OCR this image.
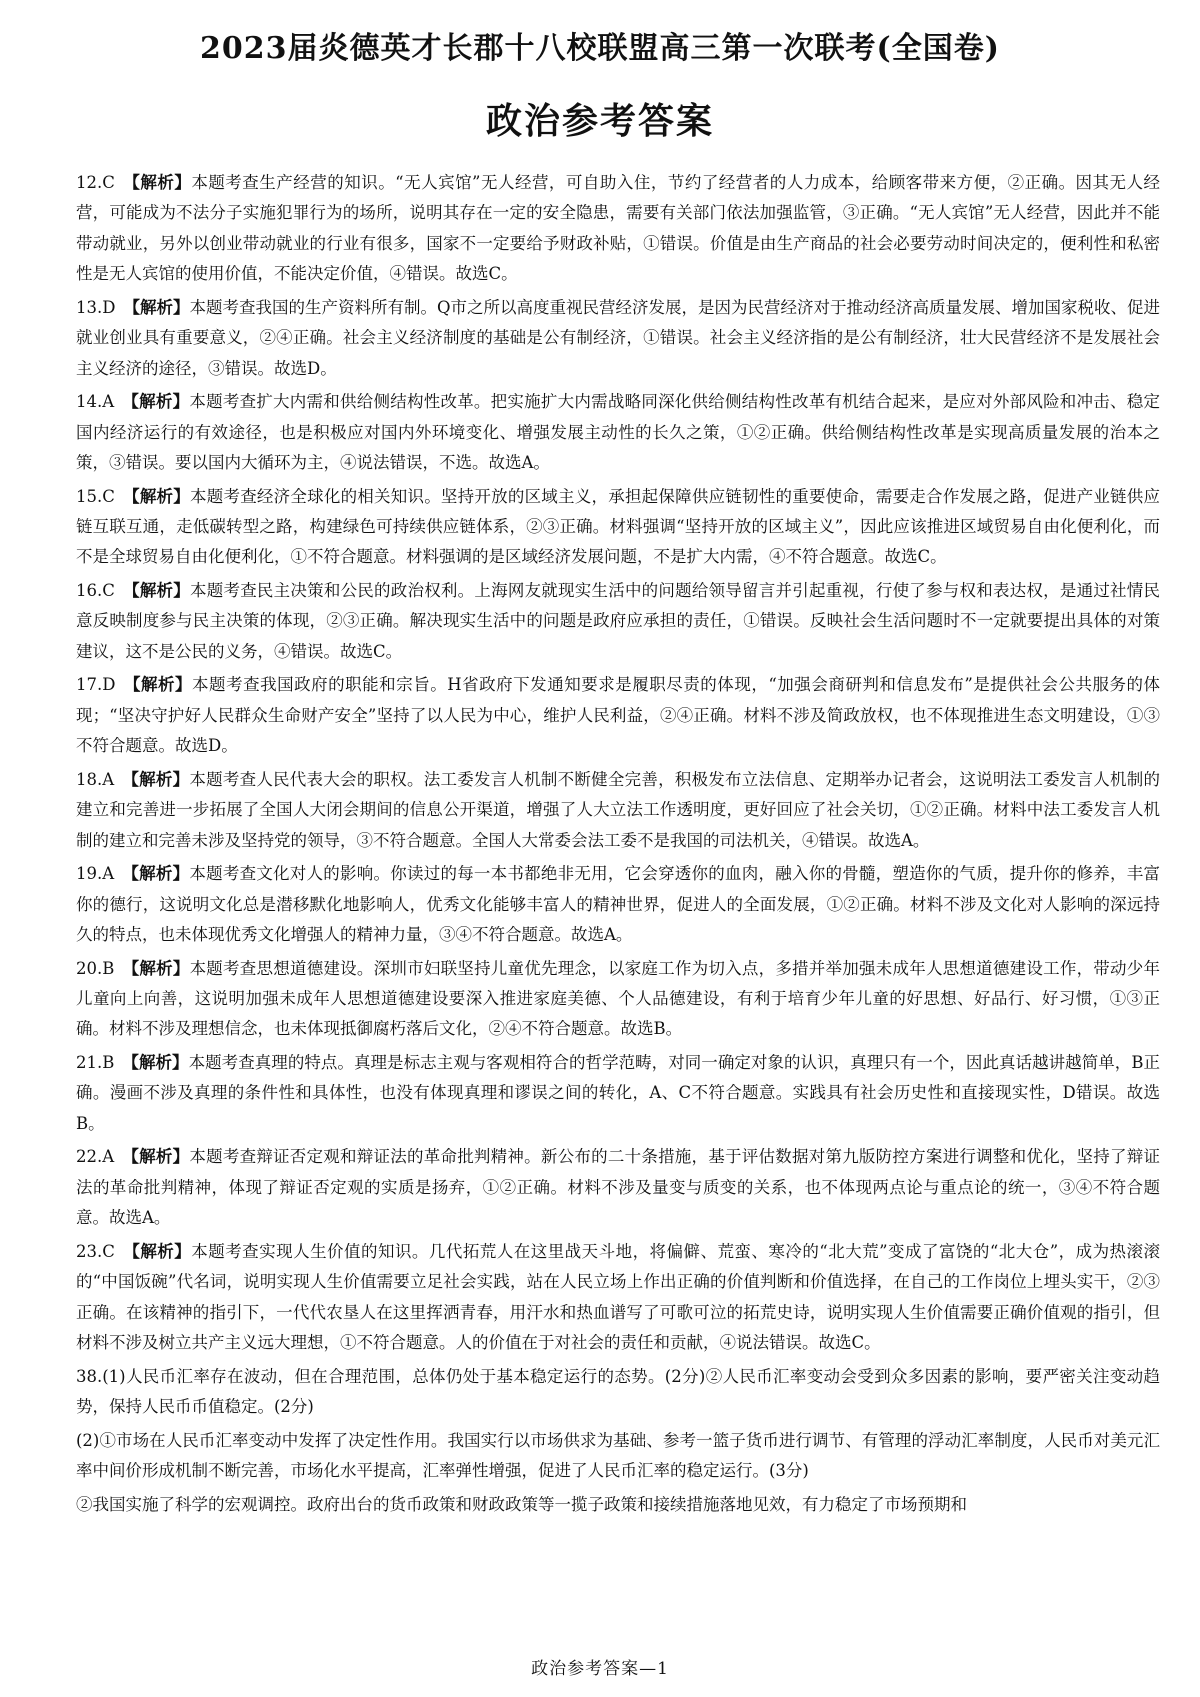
2023届炎德英才长郡十八校联盟高三第一次联考(全国卷)
政治参考答案
12.C 【解析】本题考查生产经营的知识。“无人宾馆”无人经营，可自助入住，节约了经营者的人力成本，给顾客带来方便，②正确。因其无人经营，可能成为不法分子实施犯罪行为的场所，说明其存在一定的安全隐患，需要有关部门依法加强监管，③正确。“无人宾馆”无人经营，因此并不能带动就业，另外以创业带动就业的行业有很多，国家不一定要给予财政补贴，①错误。价值是由生产商品的社会必要劳动时间决定的，便利性和私密性是无人宾馆的使用价值，不能决定价值，④错误。故选C。
13.D 【解析】本题考查我国的生产资料所有制。Q市之所以高度重视民营经济发展，是因为民营经济对于推动经济高质量发展、增加国家税收、促进就业创业具有重要意义，②④正确。社会主义经济制度的基础是公有制经济，①错误。社会主义经济指的是公有制经济，壮大民营经济不是发展社会主义经济的途径，③错误。故选D。
14.A 【解析】本题考查扩大内需和供给侧结构性改革。把实施扩大内需战略同深化供给侧结构性改革有机结合起来，是应对外部风险和冲击、稳定国内经济运行的有效途径，也是积极应对国内外环境变化、增强发展主动性的长久之策，①②正确。供给侧结构性改革是实现高质量发展的治本之策，③错误。要以国内大循环为主，④说法错误，不选。故选A。
15.C 【解析】本题考查经济全球化的相关知识。坚持开放的区域主义，承担起保障供应链韧性的重要使命，需要走合作发展之路，促进产业链供应链互联互通，走低碳转型之路，构建绿色可持续供应链体系，②③正确。材料强调“坚持开放的区域主义”，因此应该推进区域贸易自由化便利化，而不是全球贸易自由化便利化，①不符合题意。材料强调的是区域经济发展问题，不是扩大内需，④不符合题意。故选C。
16.C 【解析】本题考查民主决策和公民的政治权利。上海网友就现实生活中的问题给领导留言并引起重视，行使了参与权和表达权，是通过社情民意反映制度参与民主决策的体现，②③正确。解决现实生活中的问题是政府应承担的责任，①错误。反映社会生活问题时不一定就要提出具体的对策建议，这不是公民的义务，④错误。故选C。
17.D 【解析】本题考查我国政府的职能和宗旨。H省政府下发通知要求是履职尽责的体现，“加强会商研判和信息发布”是提供社会公共服务的体现；“坚决守护好人民群众生命财产安全”坚持了以人民为中心，维护人民利益，②④正确。材料不涉及简政放权，也不体现推进生态文明建设，①③不符合题意。故选D。
18.A 【解析】本题考查人民代表大会的职权。法工委发言人机制不断健全完善，积极发布立法信息、定期举办记者会，这说明法工委发言人机制的建立和完善进一步拓展了全国人大闭会期间的信息公开渠道，增强了人大立法工作透明度，更好回应了社会关切，①②正确。材料中法工委发言人机制的建立和完善未涉及坚持党的领导，③不符合题意。全国人大常委会法工委不是我国的司法机关，④错误。故选A。
19.A 【解析】本题考查文化对人的影响。你读过的每一本书都绝非无用，它会穿透你的血肉，融入你的骨髓，塑造你的气质，提升你的修养，丰富你的德行，这说明文化总是潜移默化地影响人，优秀文化能够丰富人的精神世界，促进人的全面发展，①②正确。材料不涉及文化对人影响的深远持久的特点，也未体现优秀文化增强人的精神力量，③④不符合题意。故选A。
20.B 【解析】本题考查思想道德建设。深圳市妇联坚持儿童优先理念，以家庭工作为切入点，多措并举加强未成年人思想道德建设工作，带动少年儿童向上向善，这说明加强未成年人思想道德建设要深入推进家庭美德、个人品德建设，有利于培育少年儿童的好思想、好品行、好习惯，①③正确。材料不涉及理想信念，也未体现抵御腐朽落后文化，②④不符合题意。故选B。
21.B 【解析】本题考查真理的特点。真理是标志主观与客观相符合的哲学范畴，对同一确定对象的认识，真理只有一个，因此真话越讲越简单，B正确。漫画不涉及真理的条件性和具体性，也没有体现真理和谬误之间的转化，A、C不符合题意。实践具有社会历史性和直接现实性，D错误。故选B。
22.A 【解析】本题考查辩证否定观和辩证法的革命批判精神。新公布的二十条措施，基于评估数据对第九版防控方案进行调整和优化，坚持了辩证法的革命批判精神，体现了辩证否定观的实质是扬弃，①②正确。材料不涉及量变与质变的关系，也不体现两点论与重点论的统一，③④不符合题意。故选A。
23.C 【解析】本题考查实现人生价值的知识。几代拓荒人在这里战天斗地，将偏僻、荒蛮、寒冷的“北大荒”变成了富饶的“北大仓”，成为热滚滚的“中国饭碗”代名词，说明实现人生价值需要立足社会实践，站在人民立场上作出正确的价值判断和价值选择，在自己的工作岗位上埋头实干，②③正确。在该精神的指引下，一代代农垦人在这里挥洒青春，用汗水和热血谱写了可歌可泣的拓荒史诗，说明实现人生价值需要正确价值观的指引，但材料不涉及树立共产主义远大理想，①不符合题意。人的价值在于对社会的责任和贡献，④说法错误。故选C。
38.(1)人民币汇率存在波动，但在合理范围，总体仍处于基本稳定运行的态势。(2分)②人民币汇率变动会受到众多因素的影响，要严密关注变动趋势，保持人民币币值稳定。(2分)
(2)①市场在人民币汇率变动中发挥了决定性作用。我国实行以市场供求为基础、参考一篮子货币进行调节、有管理的浮动汇率制度，人民币对美元汇率中间价形成机制不断完善，市场化水平提高，汇率弹性增强，促进了人民币汇率的稳定运行。(3分)
②我国实施了科学的宏观调控。政府出台的货币政策和财政政策等一揽子政策和接续措施落地见效，有力稳定了市场预期和
政治参考答案—1
